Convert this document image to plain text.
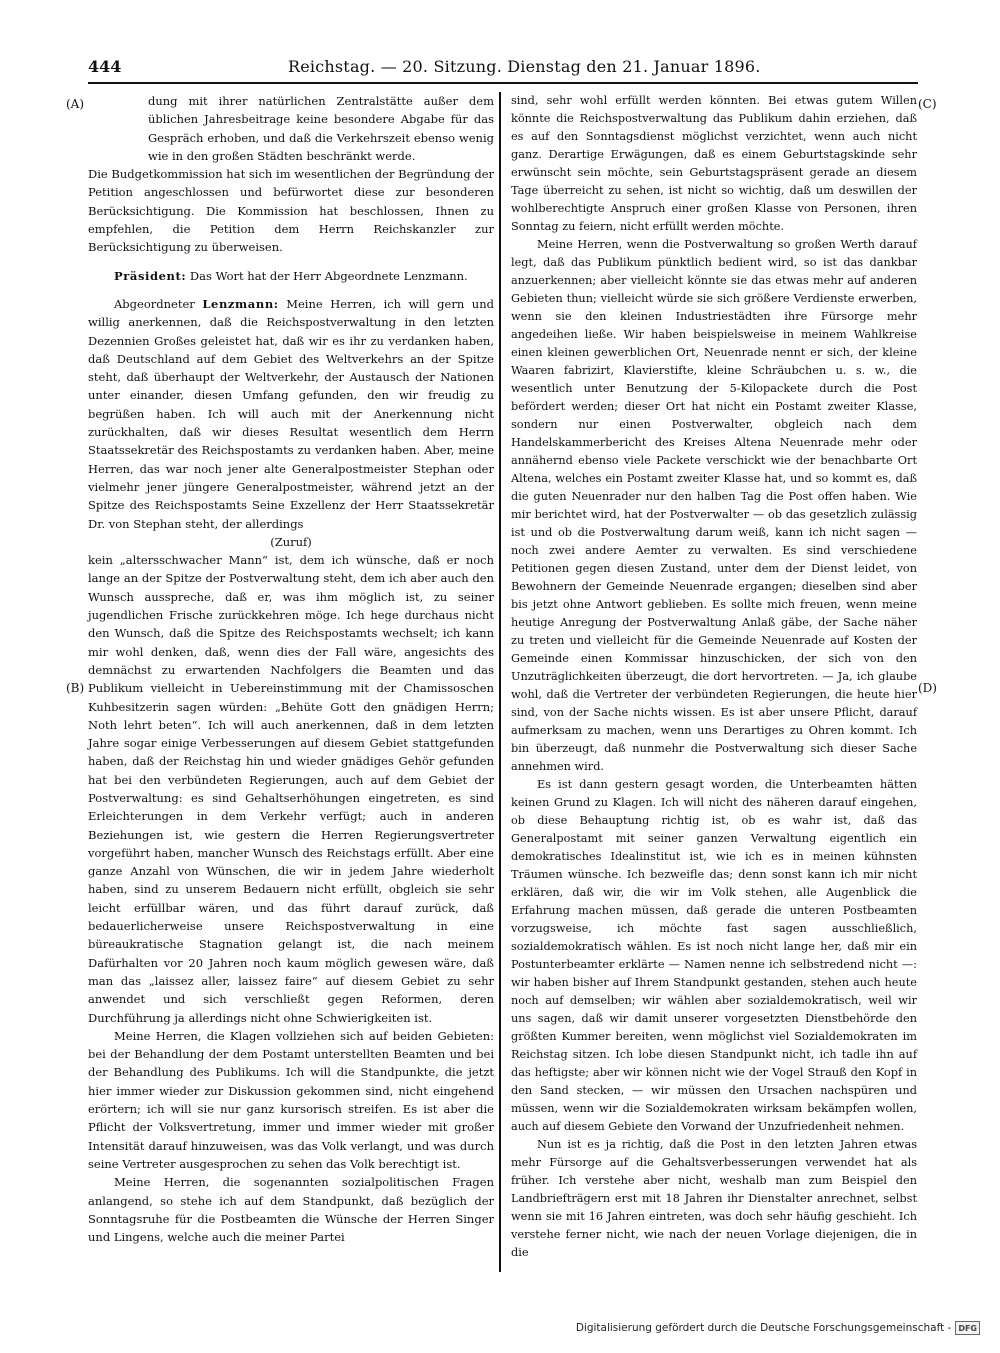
444	Reichstag. — 20. Sitzung. Dienstag den 21. Januar 1896.
(A)
(B)
(C)
(D)

dung mit ihrer natürlichen Zentralstätte außer dem üblichen Jahresbeitrage keine besondere Abgabe für das Gespräch erhoben, und daß die Verkehrszeit ebenso wenig wie in den großen Städten beschränkt werde.

Die Budgetkommission hat sich im wesentlichen der Begründung der Petition angeschlossen und befürwortet diese zur besonderen Berücksichtigung. Die Kommission hat beschlossen, Ihnen zu empfehlen, die Petition dem Herrn Reichskanzler zur Berücksichtigung zu überweisen.

Präsident: Das Wort hat der Herr Abgeordnete Lenzmann.

Abgeordneter Lenzmann: Meine Herren, ich will gern und willig anerkennen, daß die Reichspostverwaltung in den letzten Dezennien Großes geleistet hat, daß wir es ihr zu verdanken haben, daß Deutschland auf dem Gebiet des Weltverkehrs an der Spitze steht, daß überhaupt der Weltverkehr, der Austausch der Nationen unter einander, diesen Umfang gefunden, den wir freudig zu begrüßen haben. Ich will auch mit der Anerkennung nicht zurückhalten, daß wir dieses Resultat wesentlich dem Herrn Staatssekretär des Reichspostamts zu verdanken haben. Aber, meine Herren, das war noch jener alte Generalpostmeister Stephan oder vielmehr jener jüngere Generalpostmeister, während jetzt an der Spitze des Reichspostamts Seine Exzellenz der Herr Staatssekretär Dr. von Stephan steht, der allerdings

(Zuruf)

kein „altersschwacher Mann“ ist, dem ich wünsche, daß er noch lange an der Spitze der Postverwaltung steht, dem ich aber auch den Wunsch ausspreche, daß er, was ihm möglich ist, zu seiner jugendlichen Frische zurückkehren möge. Ich hege durchaus nicht den Wunsch, daß die Spitze des Reichspostamts wechselt; ich kann mir wohl denken, daß, wenn dies der Fall wäre, angesichts des demnächst zu erwartenden Nachfolgers die Beamten und das Publikum vielleicht in Uebereinstimmung mit der Chamissoschen Kuhbesitzerin sagen würden: „Behüte Gott den gnädigen Herrn; Noth lehrt beten“. Ich will auch anerkennen, daß in dem letzten Jahre sogar einige Verbesserungen auf diesem Gebiet stattgefunden haben, daß der Reichstag hin und wieder gnädiges Gehör gefunden hat bei den verbündeten Regierungen, auch auf dem Gebiet der Postverwaltung: es sind Gehaltserhöhungen eingetreten, es sind Erleichterungen in dem Verkehr verfügt; auch in anderen Beziehungen ist, wie gestern die Herren Regierungsvertreter vorgeführt haben, mancher Wunsch des Reichstags erfüllt. Aber eine ganze Anzahl von Wünschen, die wir in jedem Jahre wiederholt haben, sind zu unserem Bedauern nicht erfüllt, obgleich sie sehr leicht erfüllbar wären, und das führt darauf zurück, daß bedauerlicherweise unsere Reichspostverwaltung in eine büreaukratische Stagnation gelangt ist, die nach meinem Dafürhalten vor 20 Jahren noch kaum möglich gewesen wäre, daß man das „laissez aller, laissez faire“ auf diesem Gebiet zu sehr anwendet und sich verschließt gegen Reformen, deren Durchführung ja allerdings nicht ohne Schwierigkeiten ist.

Meine Herren, die Klagen vollziehen sich auf beiden Gebieten: bei der Behandlung der dem Postamt unterstellten Beamten und bei der Behandlung des Publikums. Ich will die Standpunkte, die jetzt hier immer wieder zur Diskussion gekommen sind, nicht eingehend erörtern; ich will sie nur ganz kursorisch streifen. Es ist aber die Pflicht der Volksvertretung, immer und immer wieder mit großer Intensität darauf hinzuweisen, was das Volk verlangt, und was durch seine Vertreter ausgesprochen zu sehen das Volk berechtigt ist.

Meine Herren, die sogenannten sozialpolitischen Fragen anlangend, so stehe ich auf dem Standpunkt, daß bezüglich der Sonntagsruhe für die Postbeamten die Wünsche der Herren Singer und Lingens, welche auch die meiner Partei

sind, sehr wohl erfüllt werden könnten. Bei etwas gutem Willen könnte die Reichspostverwaltung das Publikum dahin erziehen, daß es auf den Sonntagsdienst möglichst verzichtet, wenn auch nicht ganz. Derartige Erwägungen, daß es einem Geburtstagskinde sehr erwünscht sein möchte, sein Geburtstagspräsent gerade an diesem Tage überreicht zu sehen, ist nicht so wichtig, daß um deswillen der wohlberechtigte Anspruch einer großen Klasse von Personen, ihren Sonntag zu feiern, nicht erfüllt werden möchte.

Meine Herren, wenn die Postverwaltung so großen Werth darauf legt, daß das Publikum pünktlich bedient wird, so ist das dankbar anzuerkennen; aber vielleicht könnte sie das etwas mehr auf anderen Gebieten thun; vielleicht würde sie sich größere Verdienste erwerben, wenn sie den kleinen Industriestädten ihre Fürsorge mehr angedeihen ließe. Wir haben beispielsweise in meinem Wahlkreise einen kleinen gewerblichen Ort, Neuenrade nennt er sich, der kleine Waaren fabrizirt, Klavierstifte, kleine Schräubchen u. s. w., die wesentlich unter Benutzung der 5-Kilopackete durch die Post befördert werden; dieser Ort hat nicht ein Postamt zweiter Klasse, sondern nur einen Postverwalter, obgleich nach dem Handelskammerbericht des Kreises Altena Neuenrade mehr oder annähernd ebenso viele Packete verschickt wie der benachbarte Ort Altena, welches ein Postamt zweiter Klasse hat, und so kommt es, daß die guten Neuenrader nur den halben Tag die Post offen haben. Wie mir berichtet wird, hat der Postverwalter — ob das gesetzlich zulässig ist und ob die Postverwaltung darum weiß, kann ich nicht sagen — noch zwei andere Aemter zu verwalten. Es sind verschiedene Petitionen gegen diesen Zustand, unter dem der Dienst leidet, von Bewohnern der Gemeinde Neuenrade ergangen; dieselben sind aber bis jetzt ohne Antwort geblieben. Es sollte mich freuen, wenn meine heutige Anregung der Postverwaltung Anlaß gäbe, der Sache näher zu treten und vielleicht für die Gemeinde Neuenrade auf Kosten der Gemeinde einen Kommissar hinzuschicken, der sich von den Unzuträglichkeiten überzeugt, die dort hervortreten. — Ja, ich glaube wohl, daß die Vertreter der verbündeten Regierungen, die heute hier sind, von der Sache nichts wissen. Es ist aber unsere Pflicht, darauf aufmerksam zu machen, wenn uns Derartiges zu Ohren kommt. Ich bin überzeugt, daß nunmehr die Postverwaltung sich dieser Sache annehmen wird.

Es ist dann gestern gesagt worden, die Unterbeamten hätten keinen Grund zu Klagen. Ich will nicht des näheren darauf eingehen, ob diese Behauptung richtig ist, ob es wahr ist, daß das Generalpostamt mit seiner ganzen Verwaltung eigentlich ein demokratisches Idealinstitut ist, wie ich es in meinen kühnsten Träumen wünsche. Ich bezweifle das; denn sonst kann ich mir nicht erklären, daß wir, die wir im Volk stehen, alle Augenblick die Erfahrung machen müssen, daß gerade die unteren Postbeamten vorzugsweise, ich möchte fast sagen ausschließlich, sozialdemokratisch wählen. Es ist noch nicht lange her, daß mir ein Postunterbeamter erklärte — Namen nenne ich selbstredend nicht —: wir haben bisher auf Ihrem Standpunkt gestanden, stehen auch heute noch auf demselben; wir wählen aber sozialdemokratisch, weil wir uns sagen, daß wir damit unserer vorgesetzten Dienstbehörde den größten Kummer bereiten, wenn möglichst viel Sozialdemokraten im Reichstag sitzen. Ich lobe diesen Standpunkt nicht, ich tadle ihn auf das heftigste; aber wir können nicht wie der Vogel Strauß den Kopf in den Sand stecken, — wir müssen den Ursachen nachspüren und müssen, wenn wir die Sozialdemokraten wirksam bekämpfen wollen, auch auf diesem Gebiete den Vorwand der Unzufriedenheit nehmen.

Nun ist es ja richtig, daß die Post in den letzten Jahren etwas mehr Fürsorge auf die Gehaltsverbesserungen verwendet hat als früher. Ich verstehe aber nicht, weshalb man zum Beispiel den Landbriefträgern erst mit 18 Jahren ihr Dienstalter anrechnet, selbst wenn sie mit 16 Jahren eintreten, was doch sehr häufig geschieht. Ich verstehe ferner nicht, wie nach der neuen Vorlage diejenigen, die in die

Digitalisierung gefördert durch die Deutsche Forschungsgemeinschaft - DFG
